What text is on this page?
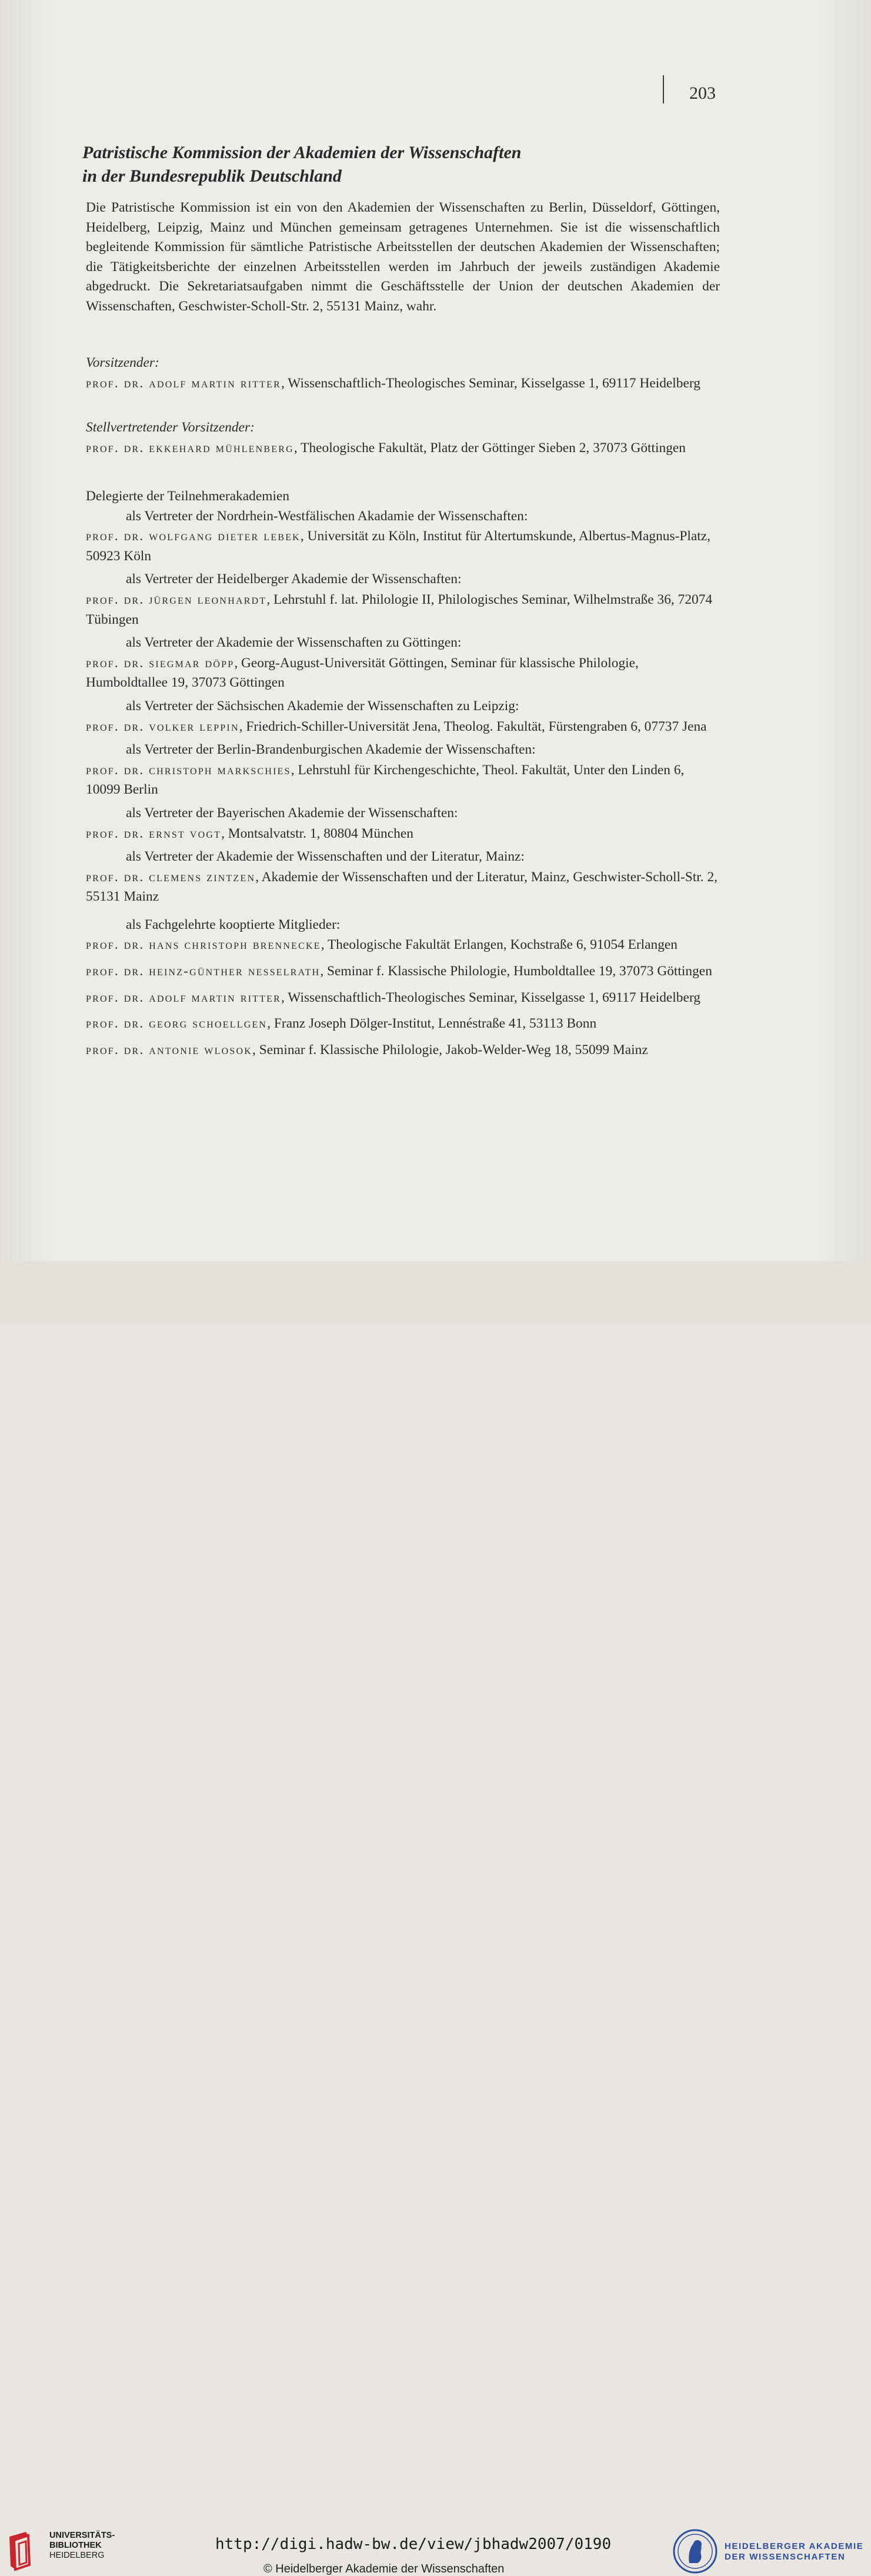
203
Patristische Kommission der Akademien der Wissenschaften
in der Bundesrepublik Deutschland
Die Patristische Kommission ist ein von den Akademien der Wissenschaften zu Berlin, Düsseldorf, Göttingen, Heidelberg, Leipzig, Mainz und München gemeinsam getragenes Unternehmen. Sie ist die wissenschaftlich begleitende Kommission für sämtliche Patristische Arbeitsstellen der deutschen Akademien der Wissenschaften; die Tätigkeitsberichte der einzelnen Arbeitsstellen werden im Jahrbuch der jeweils zuständigen Akademie abgedruckt. Die Sekretariatsaufgaben nimmt die Geschäftsstelle der Union der deutschen Akademien der Wissenschaften, Geschwister-Scholl-Str. 2, 55131 Mainz, wahr.
Vorsitzender:
prof. dr. adolf martin ritter, Wissenschaftlich-Theologisches Seminar, Kisselgasse 1, 69117 Heidelberg
Stellvertretender Vorsitzender:
prof. dr. ekkehard mühlenberg, Theologische Fakultät, Platz der Göttinger Sieben 2, 37073 Göttingen
Delegierte der Teilnehmerakademien
als Vertreter der Nordrhein-Westfälischen Akadamie der Wissenschaften:
prof. dr. wolfgang dieter lebek, Universität zu Köln, Institut für Altertumskunde, Albertus-Magnus-Platz, 50923 Köln
als Vertreter der Heidelberger Akademie der Wissenschaften:
prof. dr. jürgen leonhardt, Lehrstuhl f. lat. Philologie II, Philologisches Seminar, Wilhelmstraße 36, 72074 Tübingen
als Vertreter der Akademie der Wissenschaften zu Göttingen:
prof. dr. siegmar döpp, Georg-August-Universität Göttingen, Seminar für klassische Philologie, Humboldtallee 19, 37073 Göttingen
als Vertreter der Sächsischen Akademie der Wissenschaften zu Leipzig:
prof. dr. volker leppin, Friedrich-Schiller-Universität Jena, Theolog. Fakultät, Fürstengraben 6, 07737 Jena
als Vertreter der Berlin-Brandenburgischen Akademie der Wissenschaften:
prof. dr. christoph markschies, Lehrstuhl für Kirchengeschichte, Theol. Fakultät, Unter den Linden 6, 10099 Berlin
als Vertreter der Bayerischen Akademie der Wissenschaften:
prof. dr. ernst vogt, Montsalvatstr. 1, 80804 München
als Vertreter der Akademie der Wissenschaften und der Literatur, Mainz:
prof. dr. clemens zintzen, Akademie der Wissenschaften und der Literatur, Mainz, Geschwister-Scholl-Str. 2, 55131 Mainz
als Fachgelehrte kooptierte Mitglieder:
prof. dr. hans christoph brennecke, Theologische Fakultät Erlangen, Kochstraße 6, 91054 Erlangen
prof. dr. heinz-günther nesselrath, Seminar f. Klassische Philologie, Humboldtallee 19, 37073 Göttingen
prof. dr. adolf martin ritter, Wissenschaftlich-Theologisches Seminar, Kisselgasse 1, 69117 Heidelberg
prof. dr. georg schoellgen, Franz Joseph Dölger-Institut, Lennéstraße 41, 53113 Bonn
prof. dr. antonie wlosok, Seminar f. Klassische Philologie, Jakob-Welder-Weg 18, 55099 Mainz
UNIVERSITÄTS-
BIBLIOTHEK
HEIDELBERG
http://digi.hadw-bw.de/view/jbhadw2007/0190
© Heidelberger Akademie der Wissenschaften
HEIDELBERGER AKADEMIE
DER WISSENSCHAFTEN
